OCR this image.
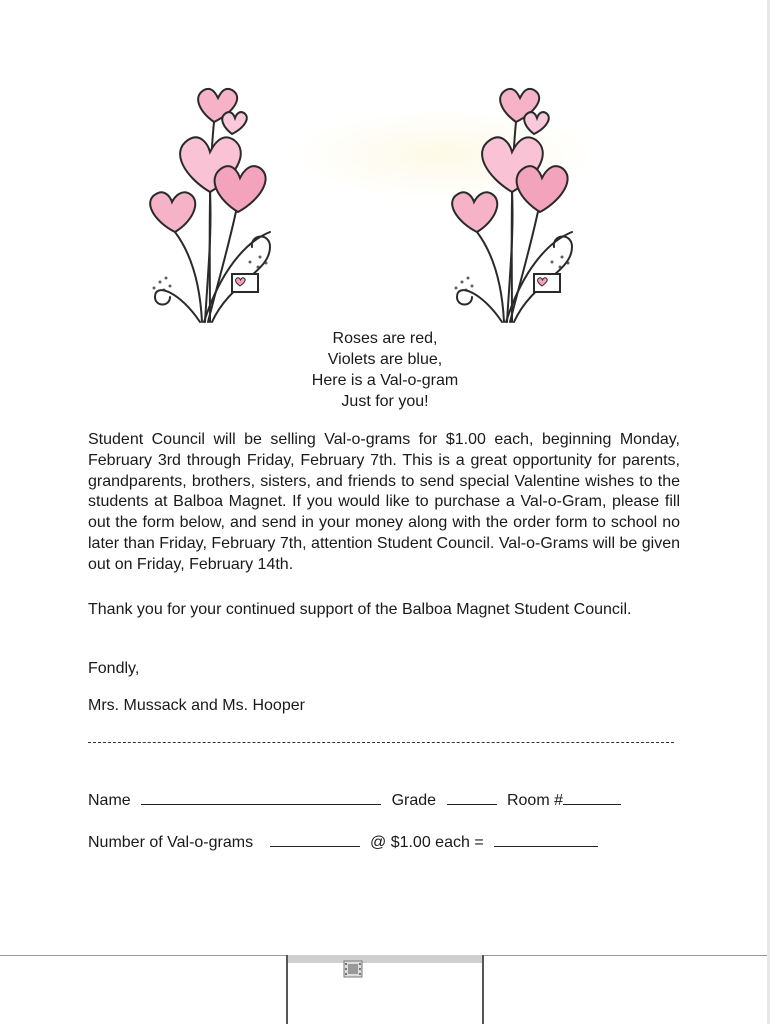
Roses are red,
Violets are blue,
Here is a Val-o-gram
Just for you!

Student Council will be selling Val-o-grams for $1.00 each, beginning Monday, February 3rd through Friday, February 7th. This is a great opportunity for parents, grandparents, brothers, sisters, and friends to send special Valentine wishes to the students at Balboa Magnet. If you would like to purchase a Val-o-Gram, please fill out the form below, and send in your money along with the order form to school no later than Friday, February 7th, attention Student Council. Val-o-Grams will be given out on Friday, February 14th.

Thank you for your continued support of the Balboa Magnet Student Council.
Fondly,
Mrs. Mussack and Ms. Hooper
Name	Grade	Room #
Number of Val-o-grams	@ $1.00 each =
